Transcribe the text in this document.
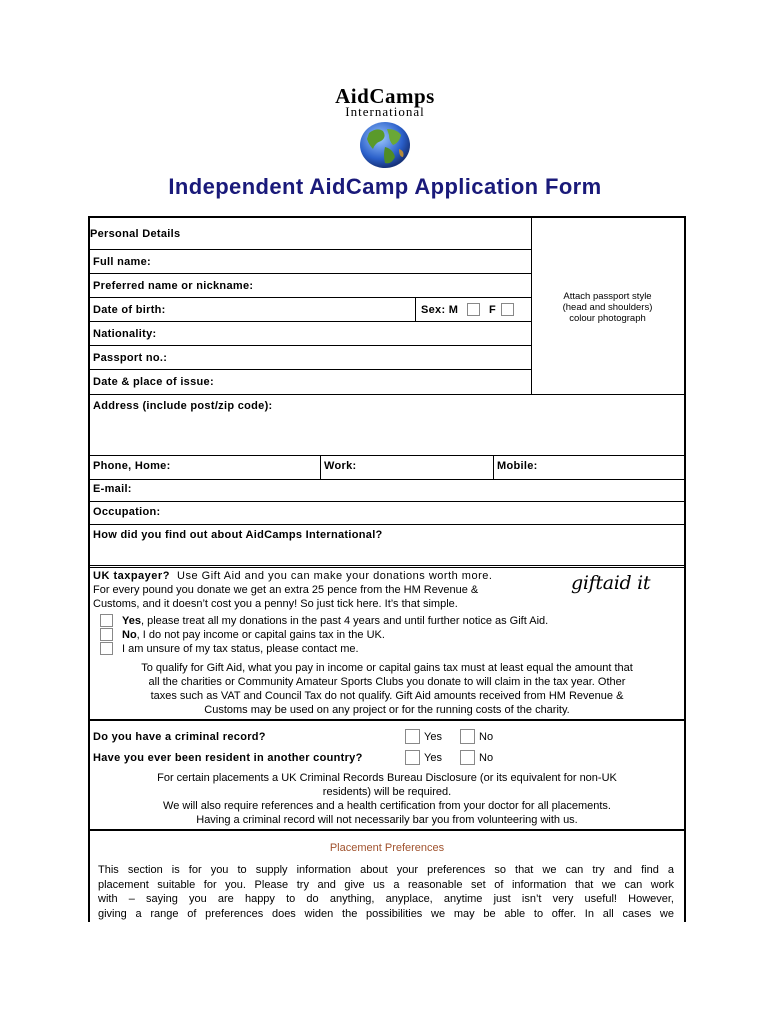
AidCamps
International
Independent AidCamp Application Form
Personal Details
Full name:
Preferred name or nickname:
Date of birth:	Sex: M	F
Nationality:
Passport no.:
Date & place of issue:
Attach passport style
(head and shoulders)
colour photograph
Address (include post/zip code):
Phone, Home:	Work:	Mobile:
E-mail:
Occupation:
How did you find out about AidCamps International?
UK taxpayer? Use Gift Aid and you can make your donations worth more.
For every pound you donate we get an extra 25 pence from the HM Revenue &
Customs, and it doesn’t cost you a penny! So just tick here. It’s that simple.
giftaid it
Yes, please treat all my donations in the past 4 years and until further notice as Gift Aid.
No, I do not pay income or capital gains tax in the UK.
I am unsure of my tax status, please contact me.
To qualify for Gift Aid, what you pay in income or capital gains tax must at least equal the amount that
all the charities or Community Amateur Sports Clubs you donate to will claim in the tax year. Other
taxes such as VAT and Council Tax do not qualify. Gift Aid amounts received from HM Revenue &
Customs may be used on any project or for the running costs of the charity.
Do you have a criminal record?	Yes	No
Have you ever been resident in another country?	Yes	No
For certain placements a UK Criminal Records Bureau Disclosure (or its equivalent for non-UK
residents) will be required.
We will also require references and a health certification from your doctor for all placements.
Having a criminal record will not necessarily bar you from volunteering with us.
Placement Preferences
This section is for you to supply information about your preferences so that we can try and find a
placement suitable for you. Please try and give us a reasonable set of information that we can work
with – saying you are happy to do anything, anyplace, anytime just isn’t very useful! However,
giving a range of preferences does widen the possibilities we may be able to offer. In all cases we
